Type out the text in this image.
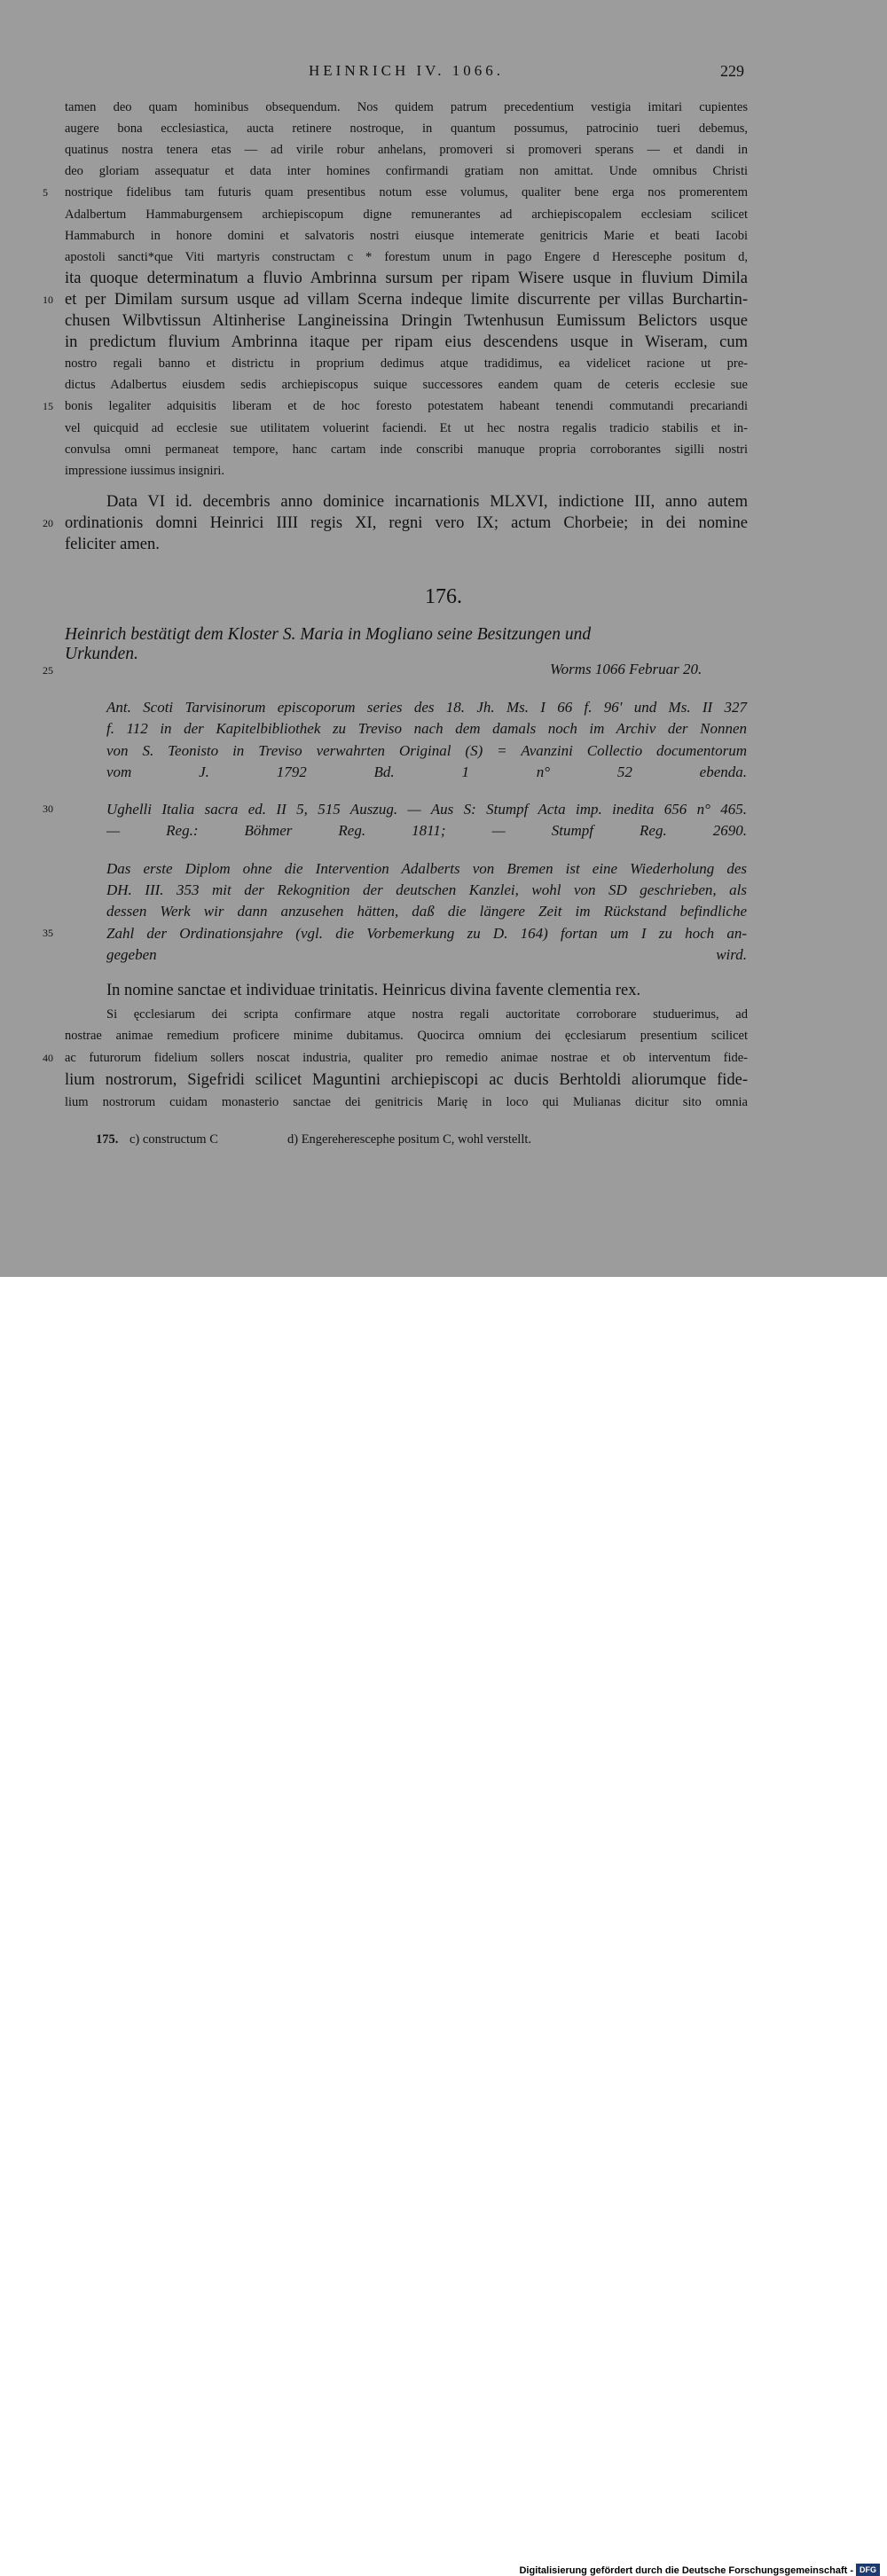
HEINRICH IV. 1066.	229
tamen deo quam hominibus obsequendum. Nos quidem patrum precedentium vestigia imitari cupientes
augere bona ecclesiastica, aucta retinere nostroque, in quantum possumus, patrocinio tueri debemus,
quatinus nostra tenera etas — ad virile robur anhelans, promoveri si promoveri sperans — et dandi in
deo gloriam assequatur et data inter homines confirmandi gratiam non amittat. Unde omnibus Christi
nostrique fidelibus tam futuris quam presentibus notum esse volumus, qualiter bene erga nos promerentem
5
Adalbertum Hammaburgensem archiepiscopum digne remunerantes ad archiepiscopalem ecclesiam scilicet
Hammaburch in honore domini et salvatoris nostri eiusque intemerate genitricis Marie et beati Iacobi
apostoli sancti*que Viti martyris constructam c * forestum unum in pago Engere d Herescephe positum d,
ita quoque determinatum a fluvio Ambrinna sursum per ripam Wisere usque in fluvium Dimila
et per Dimilam sursum usque ad villam Scerna indeque limite discurrente per villas Burchartin-
10
chusen Wilbvtissun Altinherise Langineissina Dringin Twtenhusun Eumissum Belictors usque
in predictum fluvium Ambrinna itaque per ripam eius descendens usque in Wiseram, cum
nostro regali banno et districtu in proprium dedimus atque tradidimus, ea videlicet racione ut pre-
dictus Adalbertus eiusdem sedis archiepiscopus suique successores eandem quam de ceteris ecclesie sue
bonis legaliter adquisitis liberam et de hoc foresto potestatem habeant tenendi commutandi precariandi
15
vel quicquid ad ecclesie sue utilitatem voluerint faciendi. Et ut hec nostra regalis tradicio stabilis et in-
convulsa omni permaneat tempore, hanc cartam inde conscribi manuque propria corroborantes sigilli nostri
impressione iussimus insigniri.
Data VI id. decembris anno dominice incarnationis MLXVI, indictione III, anno autem
ordinationis domni Heinrici IIII regis XI, regni vero IX; actum Chorbeie; in dei nomine
20
feliciter amen.
176.
Heinrich bestätigt dem Kloster S. Maria in Mogliano seine Besitzungen und
Urkunden.
25	Worms 1066 Februar 20.
Ant. Scoti Tarvisinorum episcoporum series des 18. Jh. Ms. I 66 f. 96' und Ms. II 327
f. 112 in der Kapitelbibliothek zu Treviso nach dem damals noch im Archiv der Nonnen
von S. Teonisto in Treviso verwahrten Original (S) = Avanzini Collectio documentorum
vom J. 1792 Bd. 1 n° 52 ebenda.
Ughelli Italia sacra ed. II 5, 515 Auszug. — Aus S: Stumpf Acta imp. inedita 656 n° 465.
30
— Reg.: Böhmer Reg. 1811; — Stumpf Reg. 2690.
Das erste Diplom ohne die Intervention Adalberts von Bremen ist eine Wiederholung des
DH. III. 353 mit der Rekognition der deutschen Kanzlei, wohl von SD geschrieben, als
dessen Werk wir dann anzusehen hätten, daß die längere Zeit im Rückstand befindliche
Zahl der Ordinationsjahre (vgl. die Vorbemerkung zu D. 164) fortan um I zu hoch an-
35
gegeben wird.
In nomine sanctae et individuae trinitatis. Heinricus divina favente clementia rex.
Si ęcclesiarum dei scripta confirmare atque nostra regali auctoritate corroborare studuerimus, ad
nostrae animae remedium proficere minime dubitamus. Quocirca omnium dei ęcclesiarum presentium scilicet
ac futurorum fidelium sollers noscat industria, qualiter pro remedio animae nostrae et ob interventum fide-
40
lium nostrorum, Sigefridi scilicet Maguntini archiepiscopi ac ducis Berhtoldi aliorumque fide-
lium nostrorum cuidam monasterio sanctae dei genitricis Marię in loco qui Mulianas dicitur sito omnia
175. c) constructum C	d) Engereherescephe positum C, wohl verstellt.
Digitalisierung gefördert durch die Deutsche Forschungsgemeinschaft - DFG
